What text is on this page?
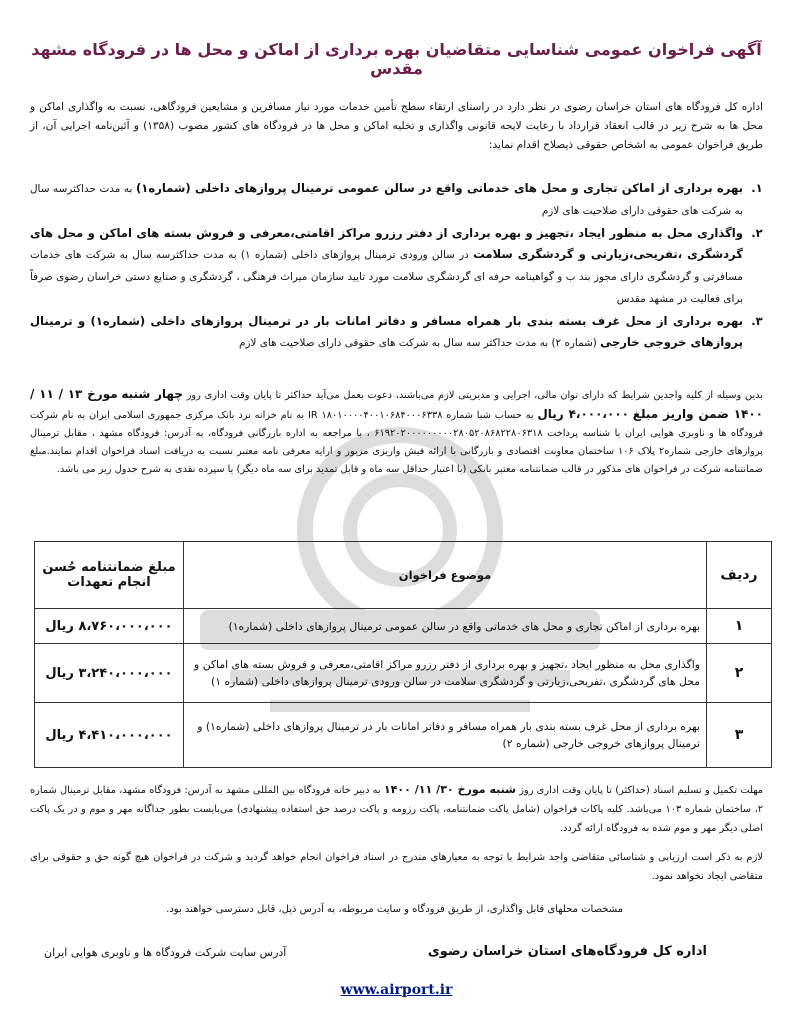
آگهی فراخوان عمومی شناسایی متقاضیان بهره برداری از اماکن و محل ها در فرودگاه مشهد مقدس
اداره کل فرودگاه های استان خراسان رضوی در نظر دارد در راستای ارتقاء سطح تأمین خدمات مورد نیاز مسافرین و مشایعین فرودگاهی، نسبت به واگذاری اماکن و محل ها به شرح زیر در قالب انعقاد قرارداد با رعایت لایحه قانونی واگذاری و تخلیه اماکن و محل ها در فرودگاه های کشور مصوب (۱۳۵۸) و آئین‌نامه اجرایی آن، از طریق فراخوان عمومی به اشخاص حقوقی ذیصلاح اقدام نماید:
۱.
بهره برداری از اماکن تجاری و محل های خدماتی واقع در سالن عمومی ترمینال پروازهای داخلی (شماره۱) به مدت حداکثرسه سال به شرکت های حقوقی دارای صلاحیت های لازم
۲.
واگذاری محل به منظور ایجاد ،تجهیز و بهره برداری از دفتر رزرو مراکز اقامتی،معرفی و فروش بسته های اماکن و محل های گردشگری ،تفریحی،زیارتی و گردشگری سلامت در سالن ورودی ترمینال پروازهای داخلی (شماره ۱) به مدت حداکثرسه سال به شرکت های خدمات مسافرتی و گردشگری دارای مجوز بند ب و گواهینامه حرفه ای گردشگری سلامت مورد تایید سازمان میراث فرهنگی ، گردشگری و صنایع دستی خراسان رضوی صرفاً برای فعالیت در مشهد مقدس
۳.
بهره برداری از محل غرف بسته بندی بار همراه مسافر و دفاتر امانات بار در ترمینال پروازهای داخلی (شماره۱) و ترمینال پروازهای خروجی خارجی (شماره ۲) به مدت حداکثر سه سال به شرکت های حقوقی دارای صلاحیت های لازم
بدین وسیله از کلیه واجدین شرایط که دارای توان مالی، اجرایی و مدیریتی لازم می‌باشند، دعوت بعمل می‌آید حداکثر تا پایان وقت اداری روز چهار شنبه مورخ ۱۳ / ۱۱ / ۱۴۰۰ ضمن واریز مبلغ ۴،۰۰۰،۰۰۰ ریال به حساب شبا شماره IR ۱۸۰۱۰۰۰۰۴۰۰۱۰۶۸۴۰۰۰۶۳۳۸ به نام خزانه نزد بانک مرکزی جمهوری اسلامی ایران به نام شرکت فرودگاه ها و ناوبری هوایی ایران با شناسه پرداخت ۶۱۹۲۰۲۰۰۰۰۰۰۰۰۰۲۸۰۵۲۰۸۶۸۲۲۸۰۶۳۱۸ ، با مراجعه به اداره بازرگانی فرودگاه، به آدرس: فرودگاه مشهد ، مقابل ترمینال پروازهای خارجی شماره۲ پلاک ۱۰۶ ساختمان معاونت اقتصادی و بازرگانی با ارائه فیش واریزی مزبور و ارایه معرفی نامه معتبر نسبت به دریافت اسناد فراخوان اقدام نمایند.مبلغ ضمانتنامه شرکت در فراخوان های مذکور در قالب ضمانتنامه معتبر بانکی (با اعتبار حداقل سه ماه و قابل تمدید برای سه ماه دیگر) یا سپرده نقدی به شرح جدول زیر می باشد.
ردیف	موضوع فراخوان	مبلغ ضمانتنامه حُسن انجام تعهدات
۱	بهره برداری از اماکن تجاری و محل های خدماتی واقع در سالن عمومی ترمینال پروازهای داخلی (شماره۱)	۸،۷۶۰،۰۰۰،۰۰۰ ریال
۲	واگذاری محل به منظور ایجاد ،تجهیز و بهره برداری از دفتر رزرو مراکز اقامتی،معرفی و فروش بسته های اماکن و محل های گردشگری ،تفریحی،زیارتی و گردشگری سلامت در سالن ورودی ترمینال پروازهای داخلی (شماره ۱)	۳،۲۴۰،۰۰۰،۰۰۰ ریال
۳	بهره برداری از محل غرف بسته بندی بار همراه مسافر و دفاتر امانات بار در ترمینال پروازهای داخلی (شماره۱) و ترمینال پروازهای خروجی خارجی (شماره ۲)	۴،۴۱۰،۰۰۰،۰۰۰ ریال
مهلت تکمیل و تسلیم اسناد (حداکثر) تا پایان وقت اداری روز شنبه مورخ ۳۰/ ۱۱/ ۱۴۰۰ به دبیر خانه فرودگاه بین المللی مشهد به آدرس: فرودگاه مشهد، مقابل ترمینال شماره ۲، ساختمان شماره ۱۰۳ می‌باشد. کلیه پاکات فراخوان (شامل پاکت ضمانتنامه، پاکت رزومه و پاکت درصد حق استفاده پیشنهادی) می‌بایست بطور جداگانه مهر و موم و در یک پاکت اصلی دیگر مهر و موم شده به فرودگاه ارائه گردد.
لازم به ذکر است ارزیابی و شناسائی متقاضی واجد شرایط با توجه به معیارهای مندرج در اسناد فراخوان انجام خواهد گردید و شرکت در فراخوان هیچ گونه حق و حقوقی برای متقاضی ایجاد نخواهد نمود.
مشخصات محلهای قابل واگذاری، از طریق فرودگاه و سایت مربوطه، به آدرس ذیل، قابل دسترسی خواهند بود.
آدرس سایت شرکت فرودگاه ها و ناوبری هوایی ایران	اداره کل فرودگاه‌های استان خراسان رضوی
www.airport.ir
